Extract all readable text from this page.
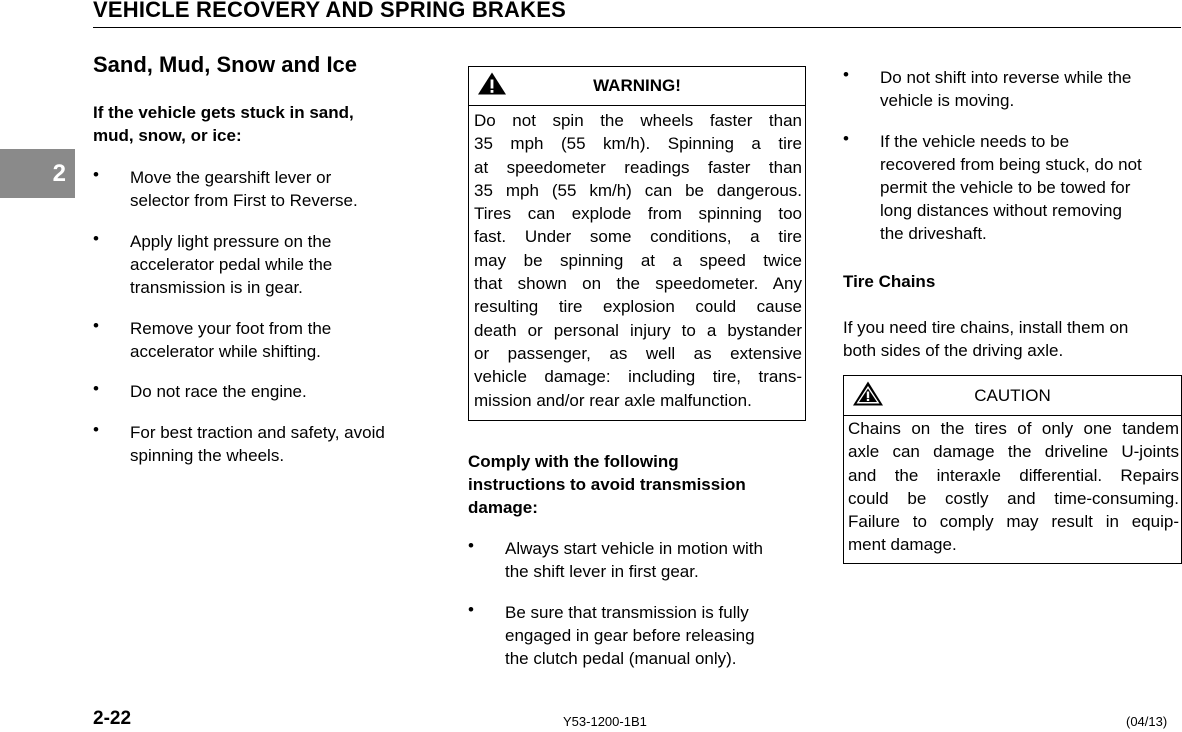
VEHICLE RECOVERY AND SPRING BRAKES
2
Sand, Mud, Snow and Ice
If the vehicle gets stuck in sand,
mud, snow, or ice:
• Move the gearshift lever or
selector from First to Reverse.
• Apply light pressure on the
accelerator pedal while the
transmission is in gear.
• Remove your foot from the
accelerator while shifting.
• Do not race the engine.
• For best traction and safety, avoid
spinning the wheels.
WARNING!
Do not spin the wheels faster than
35 mph (55 km/h). Spinning a tire
at speedometer readings faster than
35 mph (55 km/h) can be dangerous.
Tires can explode from spinning too
fast. Under some conditions, a tire
may be spinning at a speed twice
that shown on the speedometer. Any
resulting tire explosion could cause
death or personal injury to a bystander
or passenger, as well as extensive
vehicle damage: including tire, trans-
mission and/or rear axle malfunction.
Comply with the following
instructions to avoid transmission
damage:
• Always start vehicle in motion with
the shift lever in first gear.
• Be sure that transmission is fully
engaged in gear before releasing
the clutch pedal (manual only).
• Do not shift into reverse while the
vehicle is moving.
• If the vehicle needs to be
recovered from being stuck, do not
permit the vehicle to be towed for
long distances without removing
the driveshaft.
Tire Chains
If you need tire chains, install them on
both sides of the driving axle.
CAUTION
Chains on the tires of only one tandem
axle can damage the driveline U-joints
and the interaxle differential. Repairs
could be costly and time-consuming.
Failure to comply may result in equip-
ment damage.
2-22	Y53-1200-1B1	(04/13)
